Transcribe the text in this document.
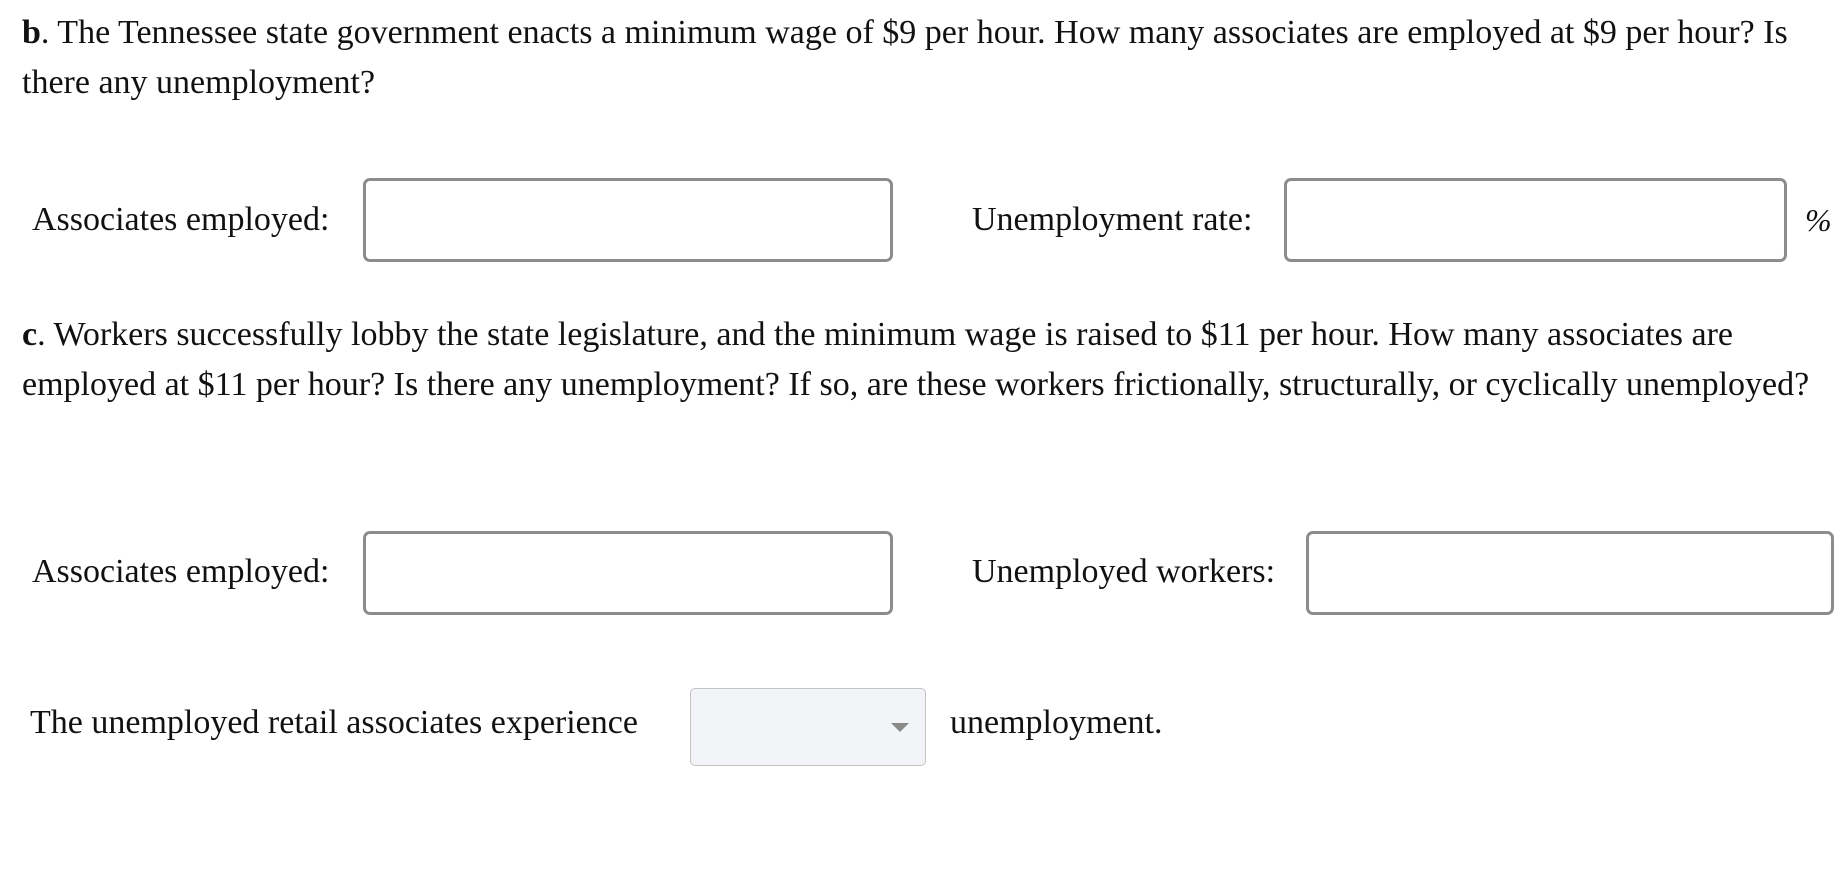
b. The Tennessee state government enacts a minimum wage of $9 per hour. How many associates are employed at $9 per hour? Is there any unemployment?

Associates employed:	Unemployment rate:	%

c. Workers successfully lobby the state legislature, and the minimum wage is raised to $11 per hour. How many associates are employed at $11 per hour? Is there any unemployment? If so, are these workers frictionally, structurally, or cyclically unemployed?

Associates employed:	Unemployed workers:
The unemployed retail associates experience	unemployment.
